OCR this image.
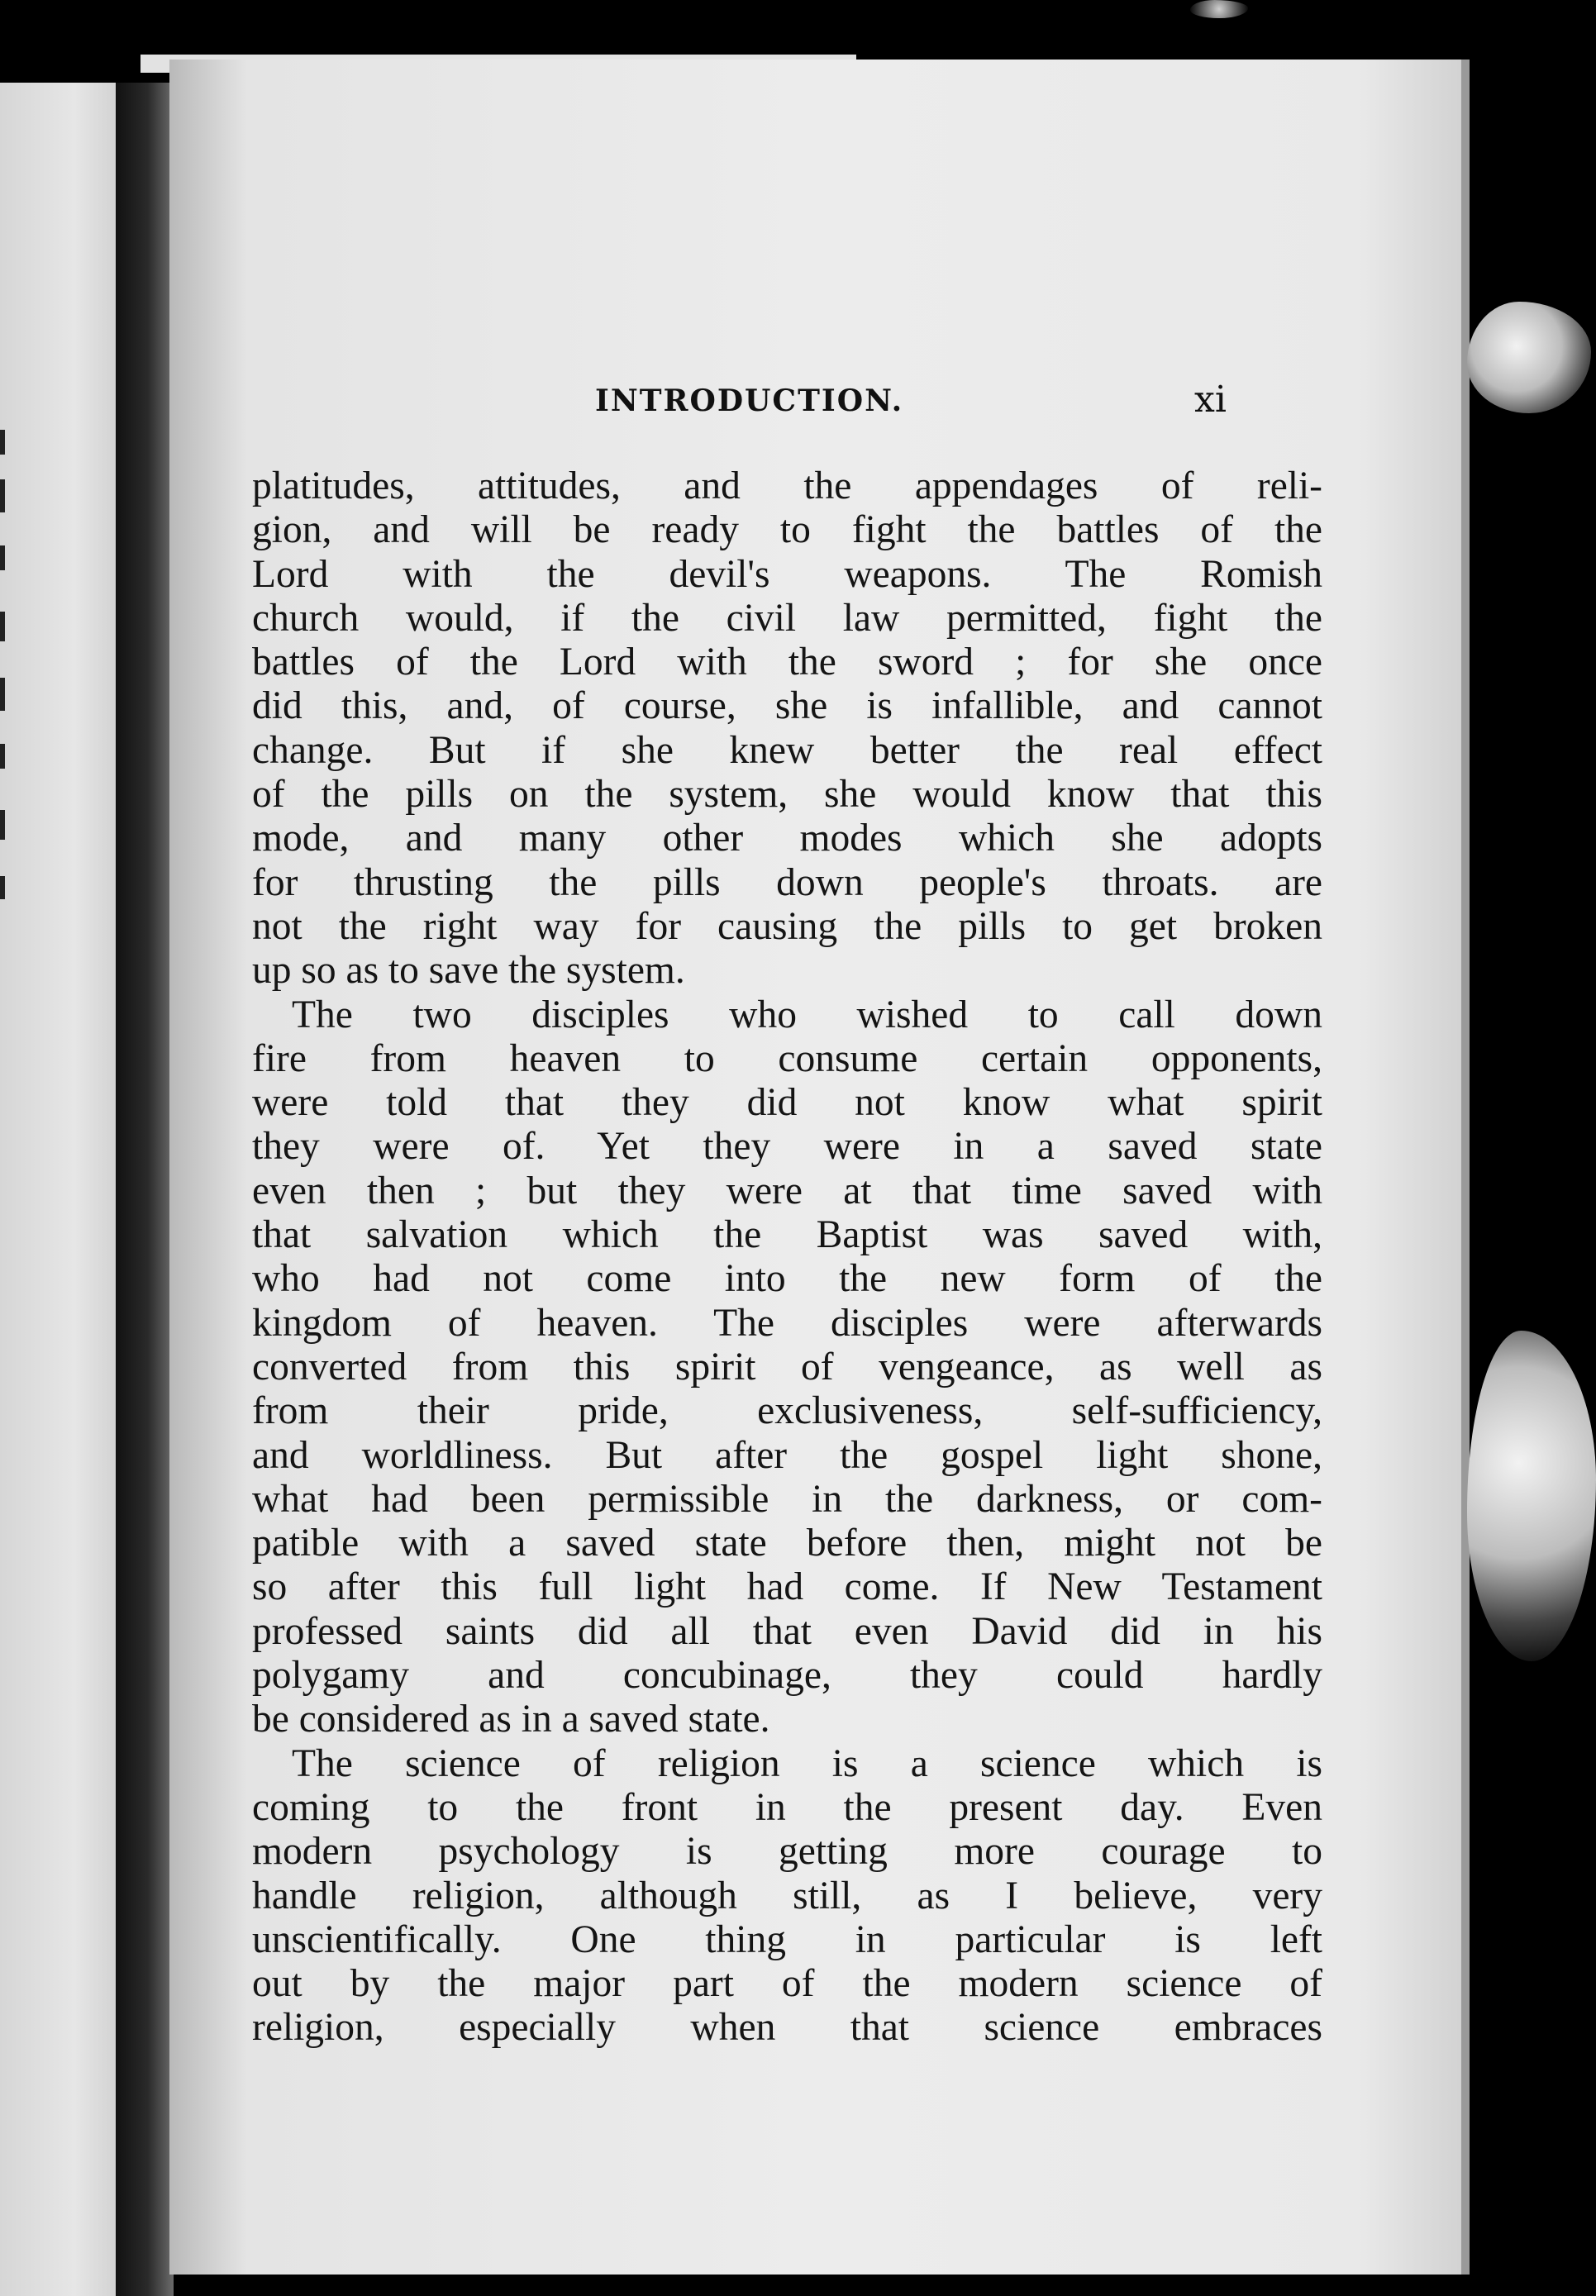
INTRODUCTION.	xi
platitudes, attitudes, and the appendages of reli-
gion, and will be ready to fight the battles of the
Lord with the devil's weapons. The Romish
church would, if the civil law permitted, fight the
battles of the Lord with the sword ; for she once
did this, and, of course, she is infallible, and cannot
change. But if she knew better the real effect
of the pills on the system, she would know that this
mode, and many other modes which she adopts
for thrusting the pills down people's throats. are
not the right way for causing the pills to get broken
up so as to save the system.
The two disciples who wished to call down
fire from heaven to consume certain opponents,
were told that they did not know what spirit
they were of. Yet they were in a saved state
even then ; but they were at that time saved with
that salvation which the Baptist was saved with,
who had not come into the new form of the
kingdom of heaven. The disciples were afterwards
converted from this spirit of vengeance, as well as
from their pride, exclusiveness, self-sufficiency,
and worldliness. But after the gospel light shone,
what had been permissible in the darkness, or com-
patible with a saved state before then, might not be
so after this full light had come. If New Testament
professed saints did all that even David did in his
polygamy and concubinage, they could hardly
be considered as in a saved state.
The science of religion is a science which is
coming to the front in the present day. Even
modern psychology is getting more courage to
handle religion, although still, as I believe, very
unscientifically. One thing in particular is left
out by the major part of the modern science of
religion, especially when that science embraces
